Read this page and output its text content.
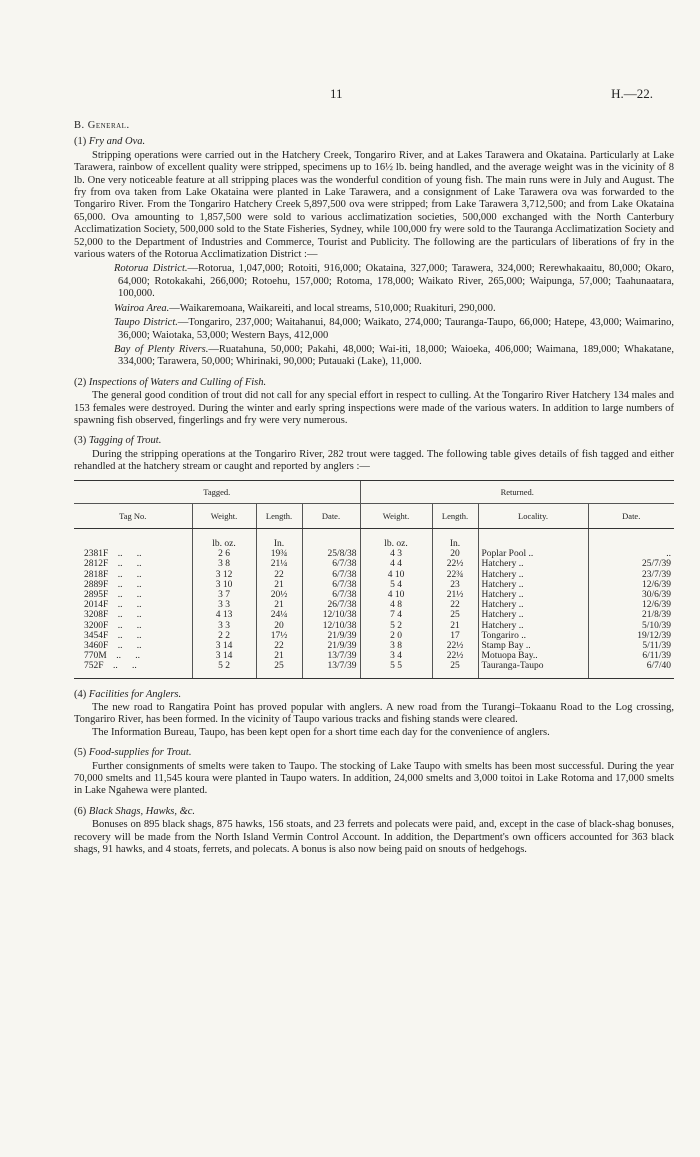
11	H.—22.
B. General.
(1) Fry and Ova.

Stripping operations were carried out in the Hatchery Creek, Tongariro River, and at Lakes Tarawera and Okataina. Particularly at Lake Tarawera, rainbow of excellent quality were stripped, specimens up to 16½ lb. being handled, and the average weight was in the vicinity of 8 lb. One very noticeable feature at all stripping places was the wonderful condition of young fish. The main runs were in July and August. The fry from ova taken from Lake Okataina were planted in Lake Tarawera, and a consignment of Lake Tarawera ova was forwarded to the Tongariro River. From the Tongariro Hatchery Creek 5,897,500 ova were stripped; from Lake Tarawera 3,712,500; and from Lake Okataina 65,000. Ova amounting to 1,857,500 were sold to various acclimatization societies, 500,000 exchanged with the North Canterbury Acclimatization Society, 500,000 sold to the State Fisheries, Sydney, while 100,000 fry were sold to the Tauranga Acclimatization Society and 52,000 to the Department of Industries and Commerce, Tourist and Publicity. The following are the particulars of liberations of fry in the various waters of the Rotorua Acclimatization District :—

Rotorua District.—Rotorua, 1,047,000; Rotoiti, 916,000; Okataina, 327,000; Tarawera, 324,000; Rerewhakaaitu, 80,000; Okaro, 64,000; Rotokakahi, 266,000; Rotoehu, 157,000; Rotoma, 178,000; Waikato River, 265,000; Waipunga, 57,000; Taahunaatara, 100,000.
Wairoa Area.—Waikaremoana, Waikareiti, and local streams, 510,000; Ruakituri, 290,000.
Taupo District.—Tongariro, 237,000; Waitahanui, 84,000; Waikato, 274,000; Tauranga-Taupo, 66,000; Hatepe, 43,000; Waimarino, 36,000; Waiotaka, 53,000; Western Bays, 412,000
Bay of Plenty Rivers.—Ruatahuna, 50,000; Pakahi, 48,000; Wai-iti, 18,000; Waioeka, 406,000; Waimana, 189,000; Whakatane, 334,000; Tarawera, 50,000; Whirinaki, 90,000; Putauaki (Lake), 11,000.
(2) Inspections of Waters and Culling of Fish.

The general good condition of trout did not call for any special effort in respect to culling. At the Tongariro River Hatchery 134 males and 153 females were destroyed. During the winter and early spring inspections were made of the various waters. In addition to large numbers of spawning fish observed, fingerlings and fry were very numerous.

(3) Tagging of Trout.

During the stripping operations at the Tongariro River, 282 trout were tagged. The following table gives details of fish tagged and either rehandled at the hatchery stream or caught and reported by anglers :—

Tagged.				Returned.			
Tag No.	Weight.	Length.	Date.	Weight.	Length.	Locality.	Date.
	lb. oz.	In.		lb. oz.	In.		
2381F    ..      ..	2 6	19¾	25/8/38	4 3	20	Poplar Pool ..	..
2812F    ..      ..	3 8	21¼	6/7/38	4 4	22½	Hatchery ..	25/7/39
2818F    ..      ..	3 12	22	6/7/38	4 10	22¾	Hatchery ..	23/7/39
2889F    ..      ..	3 10	21	6/7/38	5 4	23	Hatchery ..	12/6/39
2895F    ..      ..	3 7	20½	6/7/38	4 10	21½	Hatchery ..	30/6/39
2014F    ..      ..	3 3	21	26/7/38	4 8	22	Hatchery ..	12/6/39
3208F    ..      ..	4 13	24¼	12/10/38	7 4	25	Hatchery ..	21/8/39
3200F    ..      ..	3 3	20	12/10/38	5 2	21	Hatchery ..	5/10/39
3454F    ..      ..	2 2	17½	21/9/39	2 0	17	Tongariro ..	19/12/39
3460F    ..      ..	3 14	22	21/9/39	3 8	22½	Stamp Bay ..	5/11/39
770M    ..      ..	3 14	21	13/7/39	3 4	22½	Motuopa Bay..	6/11/39
752F    ..      ..	5 2	25	13/7/39	5 5	25	Tauranga-Taupo	6/7/40
(4) Facilities for Anglers.

The new road to Rangatira Point has proved popular with anglers. A new road from the Turangi–Tokaanu Road to the Log crossing, Tongariro River, has been formed. In the vicinity of Taupo various tracks and fishing stands were cleared.

The Information Bureau, Taupo, has been kept open for a short time each day for the convenience of anglers.

(5) Food-supplies for Trout.

Further consignments of smelts were taken to Taupo. The stocking of Lake Taupo with smelts has been most successful. During the year 70,000 smelts and 11,545 koura were planted in Taupo waters. In addition, 24,000 smelts and 3,000 toitoi in Lake Rotoma and 17,000 smelts in Lake Ngahewa were planted.

(6) Black Shags, Hawks, &c.

Bonuses on 895 black shags, 875 hawks, 156 stoats, and 23 ferrets and polecats were paid, and, except in the case of black-shag bonuses, recovery will be made from the North Island Vermin Control Account. In addition, the Department's own officers accounted for 363 black shags, 91 hawks, and 4 stoats, ferrets, and polecats. A bonus is also now being paid on snouts of hedgehogs.
